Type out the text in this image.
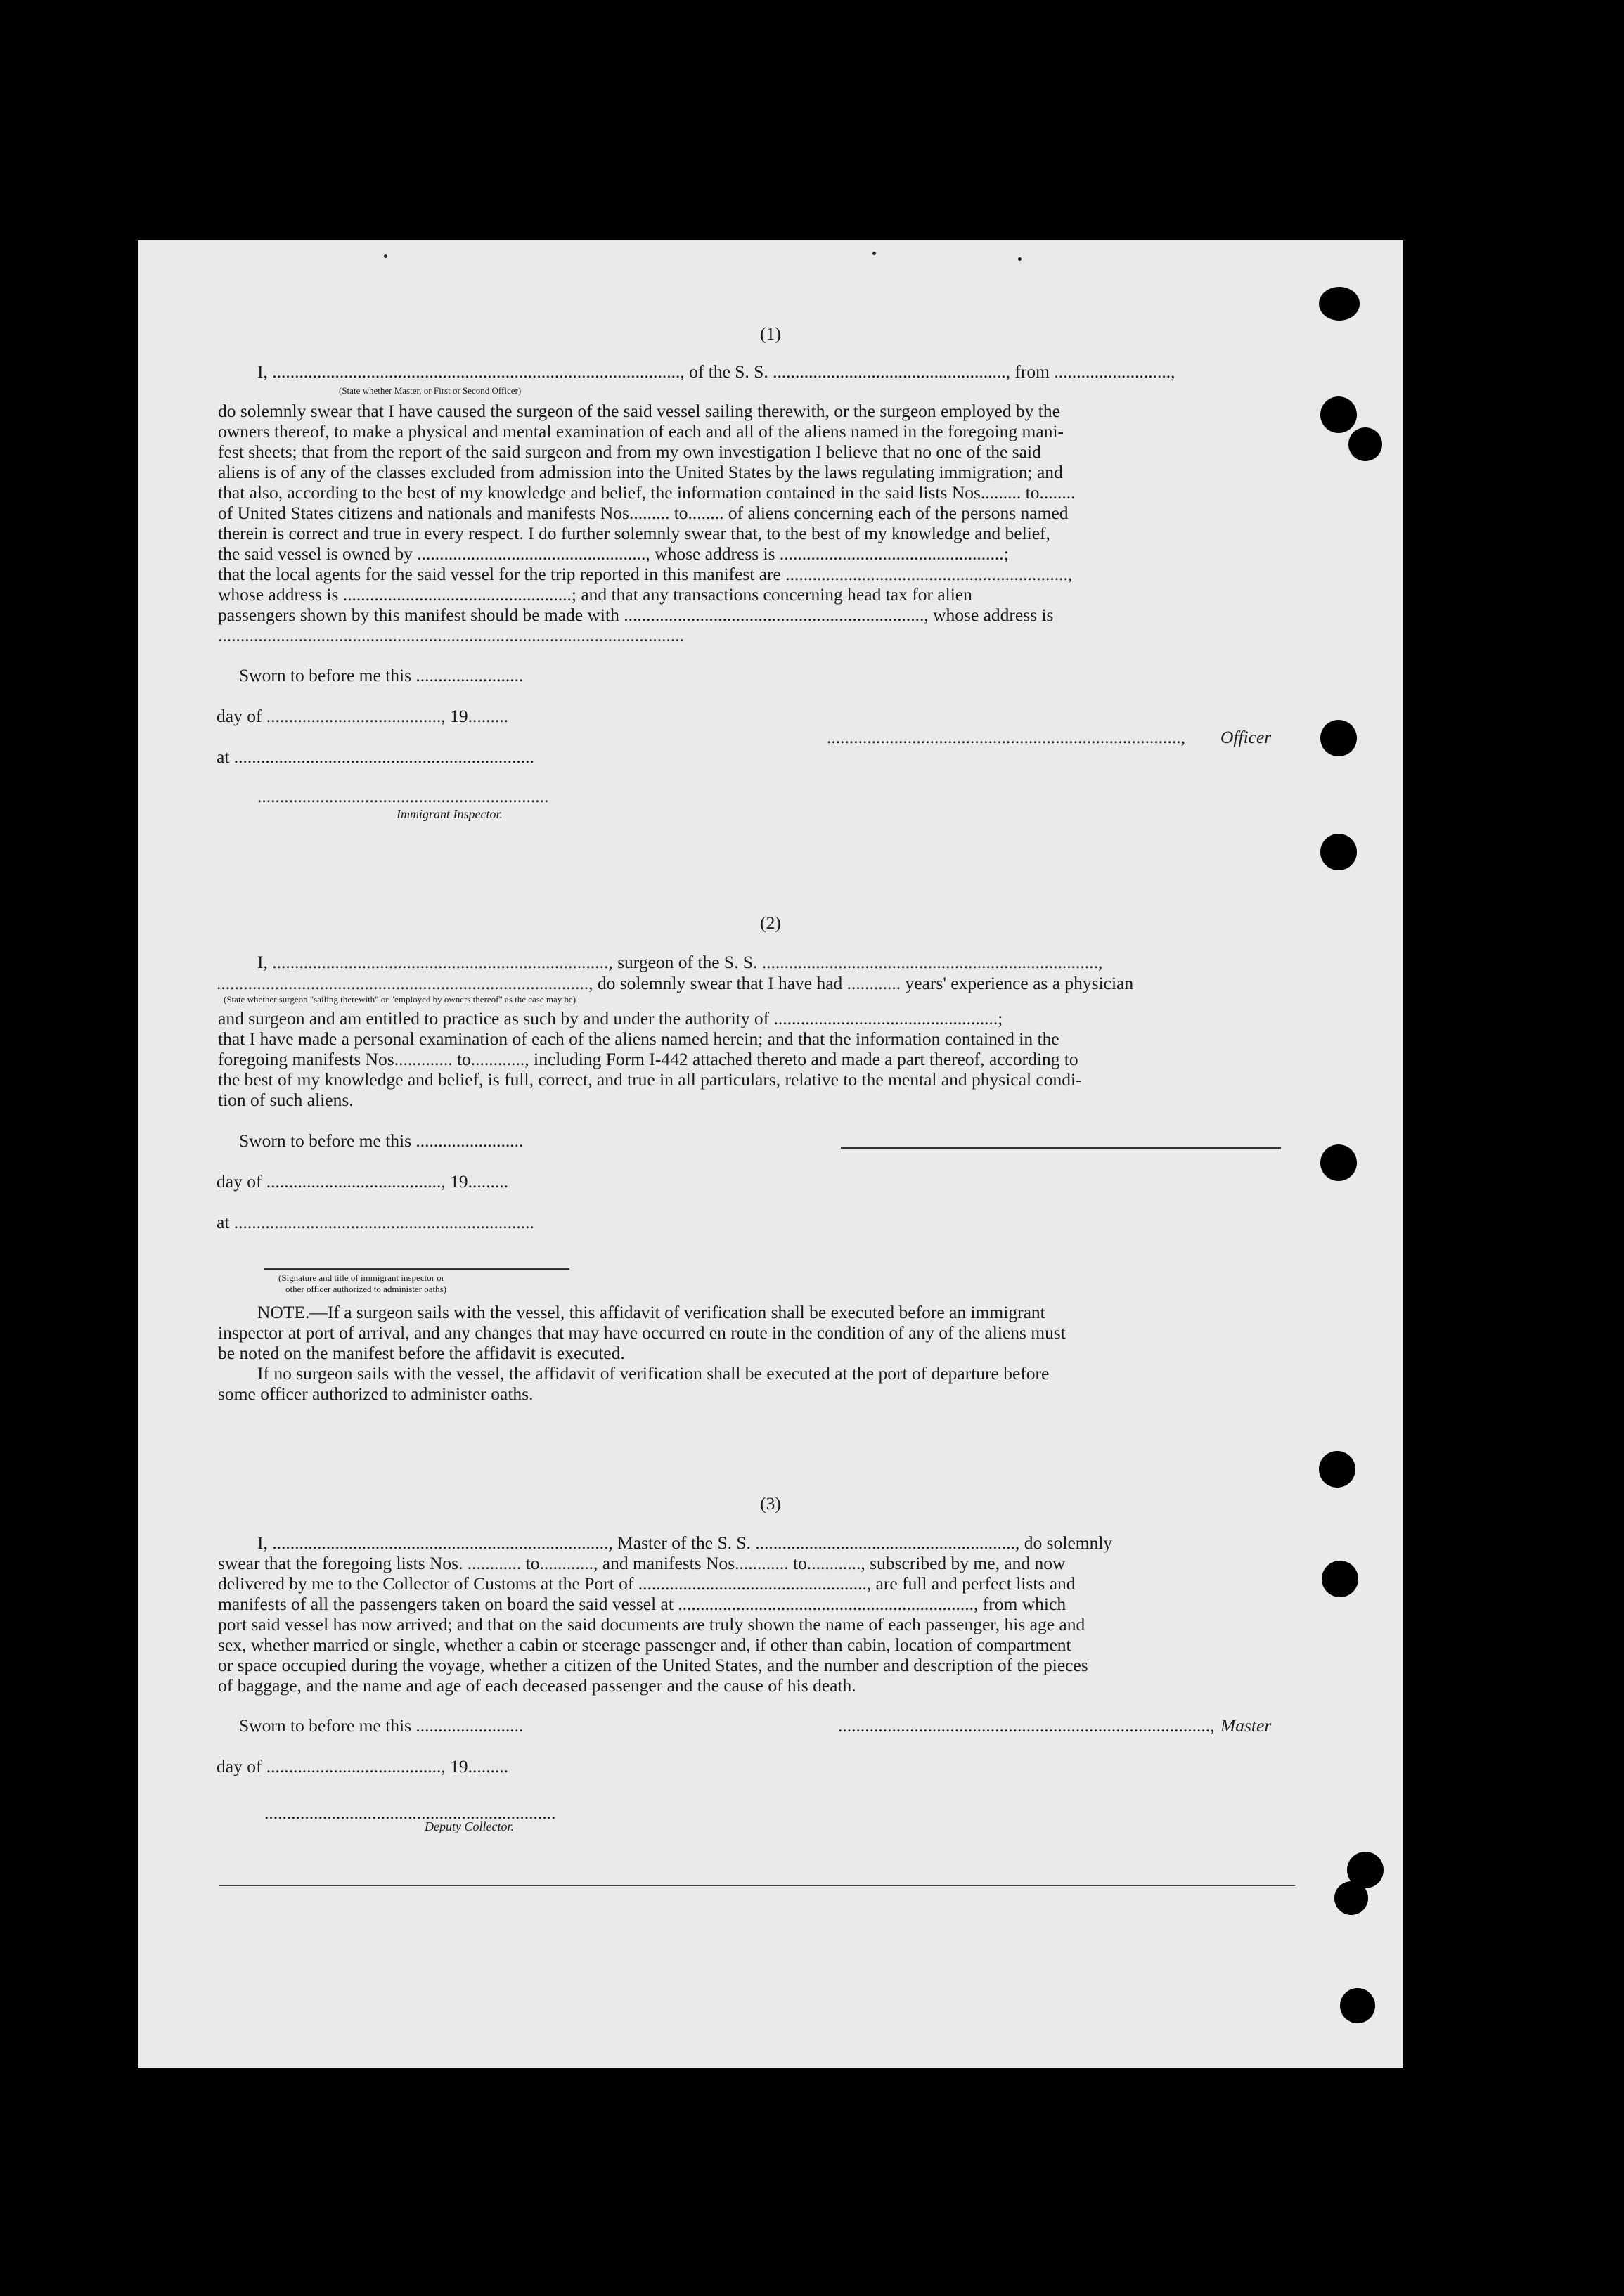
(1)
I, ..........................................................................................., of the S. S. ...................................................., from ..........................,
(State whether Master, or First or Second Officer)

do solemnly swear that I have caused the surgeon of the said vessel sailing therewith, or the surgeon employed by the

owners thereof, to make a physical and mental examination of each and all of the aliens named in the foregoing mani-

fest sheets; that from the report of the said surgeon and from my own investigation I believe that no one of the said

aliens is of any of the classes excluded from admission into the United States by the laws regulating immigration; and

that also, according to the best of my knowledge and belief, the information contained in the said lists Nos......... to........

of United States citizens and nationals and manifests Nos......... to........ of aliens concerning each of the persons named

therein is correct and true in every respect. I do further solemnly swear that, to the best of my knowledge and belief,

the said vessel is owned by ..................................................., whose address is ..................................................;

that the local agents for the said vessel for the trip reported in this manifest are ...............................................................,

whose address is ...................................................; and that any transactions concerning head tax for alien

passengers shown by this manifest should be made with ..................................................................., whose address is

........................................................................................................

Sworn to before me this ........................
day of ......................................., 19.........
..............................................................................., Officer
at ...................................................................
.................................................................
Immigrant Inspector.
(2)
I, ..........................................................................., surgeon of the S. S. ...........................................................................,
..................................................................................., do solemnly swear that I have had ............ years' experience as a physician
(State whether surgeon "sailing therewith" or "employed by owners thereof" as the case may be)

and surgeon and am entitled to practice as such by and under the authority of ..................................................;

that I have made a personal examination of each of the aliens named herein; and that the information contained in the

foregoing manifests Nos............. to............, including Form I-442 attached thereto and made a part thereof, according to

the best of my knowledge and belief, is full, correct, and true in all particulars, relative to the mental and physical condi-

tion of such aliens.

Sworn to before me this ........................
day of ......................................., 19.........
at ...................................................................
(Signature and title of immigrant inspector or
other officer authorized to administer oaths)
NOTE.—If a surgeon sails with the vessel, this affidavit of verification shall be executed before an immigrant
inspector at port of arrival, and any changes that may have occurred en route in the condition of any of the aliens must
be noted on the manifest before the affidavit is executed.
If no surgeon sails with the vessel, the affidavit of verification shall be executed at the port of departure before
some officer authorized to administer oaths.
(3)

I, ..........................................................................., Master of the S. S. .........................................................., do solemnly

swear that the foregoing lists Nos. ............ to............, and manifests Nos............ to............, subscribed by me, and now

delivered by me to the Collector of Customs at the Port of ..................................................., are full and perfect lists and

manifests of all the passengers taken on board the said vessel at .................................................................., from which

port said vessel has now arrived; and that on the said documents are truly shown the name of each passenger, his age and

sex, whether married or single, whether a cabin or steerage passenger and, if other than cabin, location of compartment

or space occupied during the voyage, whether a citizen of the United States, and the number and description of the pieces

of baggage, and the name and age of each deceased passenger and the cause of his death.

Sworn to before me this ........................	..................................................................................., Master
day of ......................................., 19.........
.................................................................
Deputy Collector.
